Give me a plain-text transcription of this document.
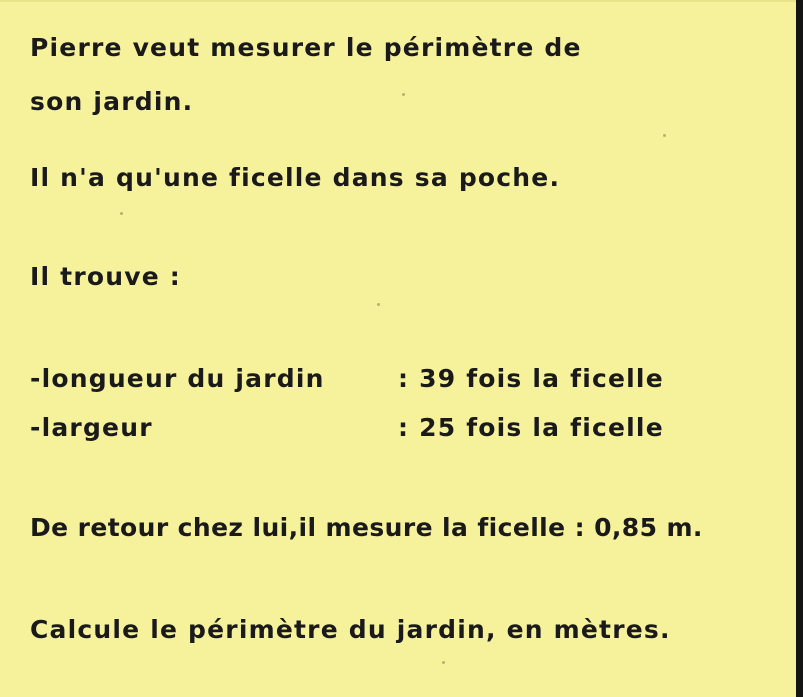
Pierre veut mesurer le périmètre de
son jardin.
Il n'a qu'une ficelle dans sa poche.
Il trouve :
-longueur du jardin	: 39 fois la ficelle
-largeur	: 25 fois la ficelle
De retour chez lui,il mesure la ficelle : 0,85 m.
Calcule le périmètre du jardin, en mètres.
